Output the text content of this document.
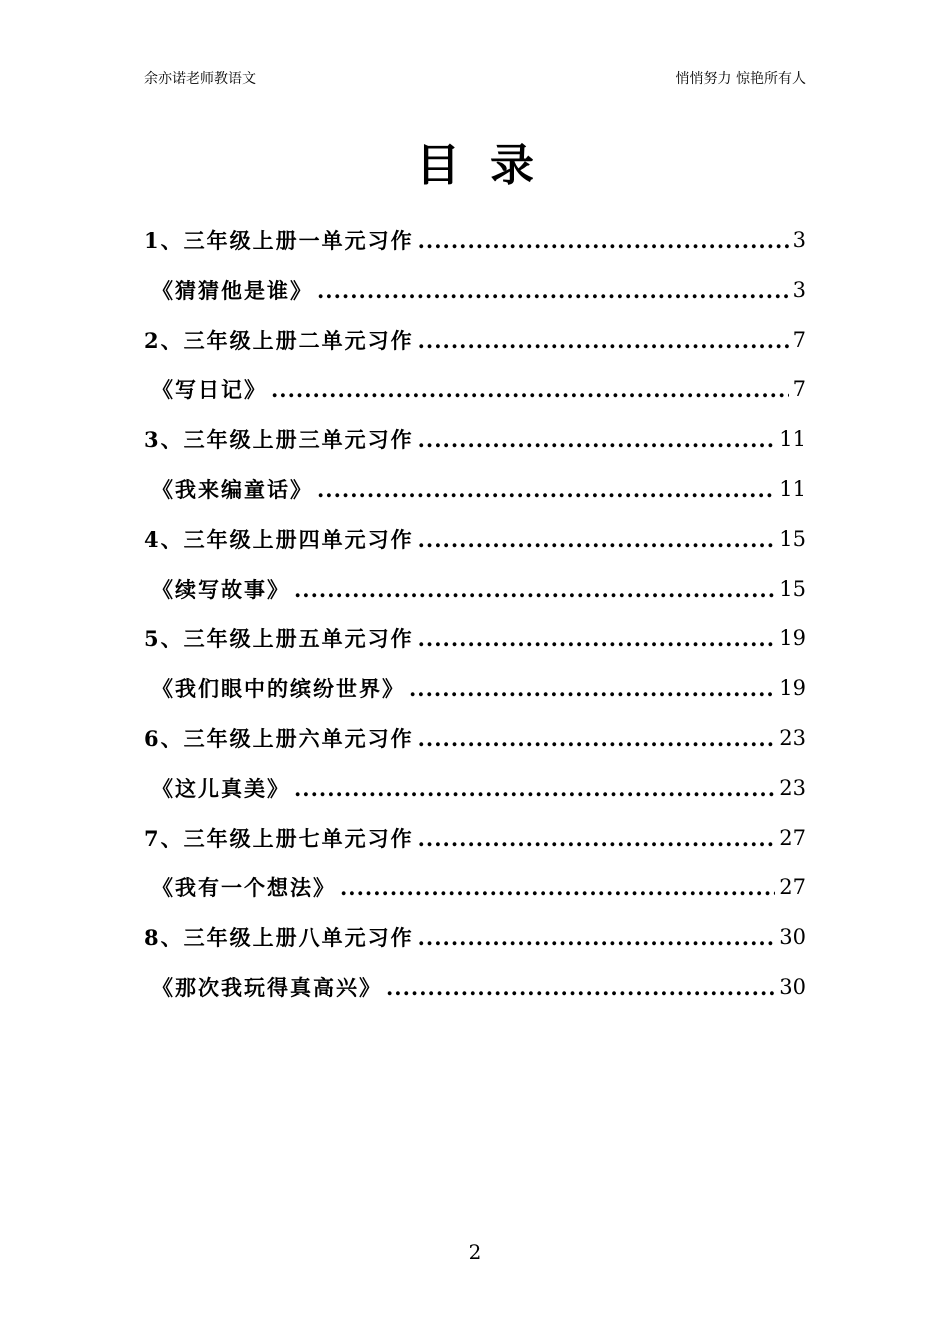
余亦诺老师教语文	悄悄努力 惊艳所有人
目录
1、三年级上册一单元习作 .....	3
《猜猜他是谁》 .....	3
2、三年级上册二单元习作 .....	7
《写日记》 .....	7
3、三年级上册三单元习作 .....	11
《我来编童话》 .....	11
4、三年级上册四单元习作 .....	15
《续写故事》 .....	15
5、三年级上册五单元习作 .....	19
《我们眼中的缤纷世界》 .....	19
6、三年级上册六单元习作 .....	23
《这儿真美》 .....	23
7、三年级上册七单元习作 .....	27
《我有一个想法》 .....	27
8、三年级上册八单元习作 .....	30
《那次我玩得真高兴》 .....	30
2
